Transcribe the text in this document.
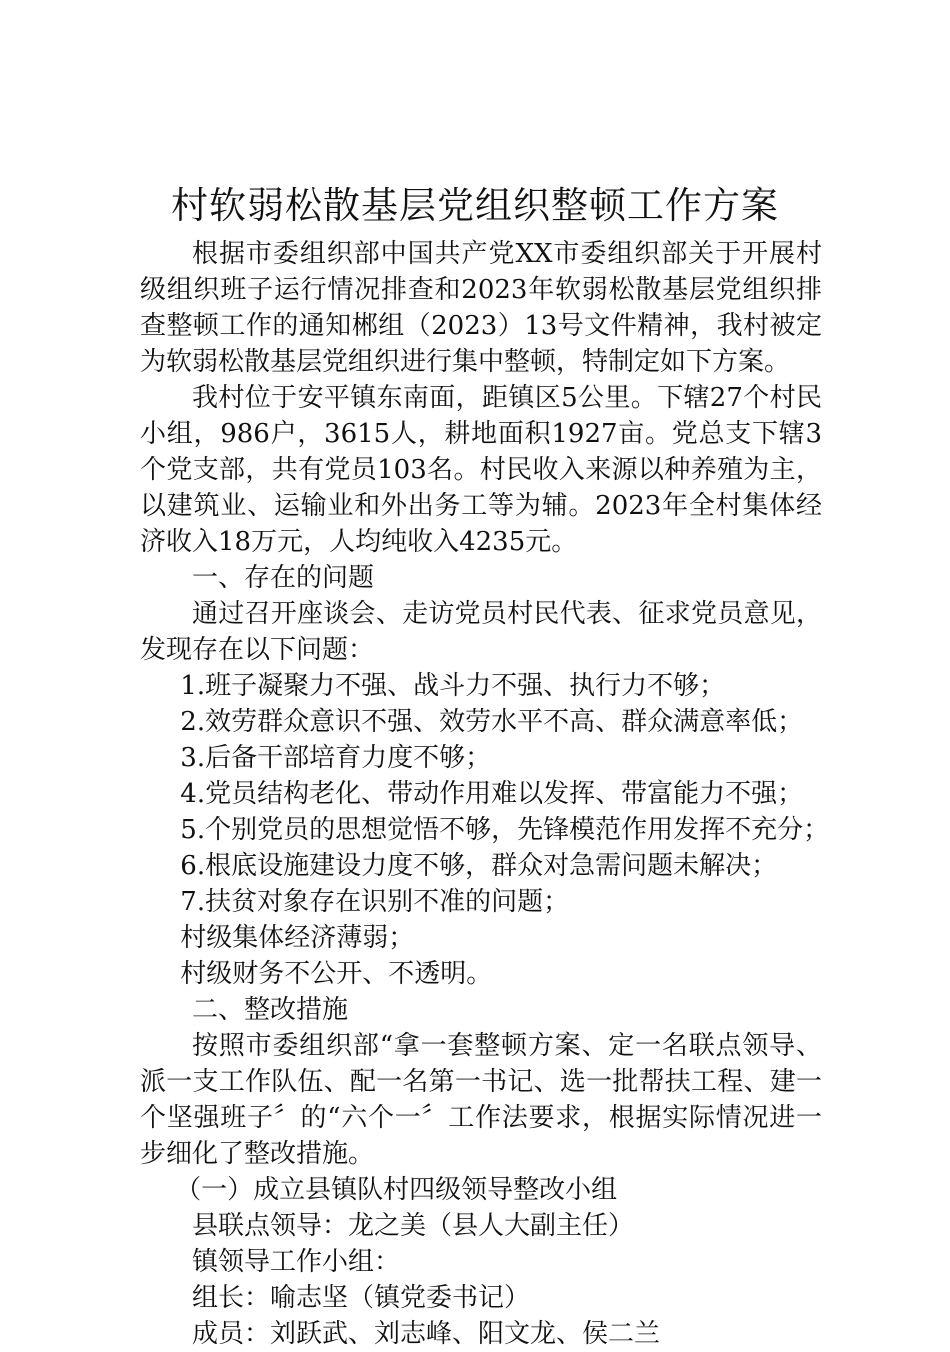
村软弱松散基层党组织整顿工作方案

根据市委组织部中国共产党XX市委组织部关于开展村级组织班子运行情况排查和2023年软弱松散基层党组织排查整顿工作的通知郴组（2023）13号文件精神，我村被定为软弱松散基层党组织进行集中整顿，特制定如下方案。

我村位于安平镇东南面，距镇区5公里。下辖27个村民小组，986户，3615人，耕地面积1927亩。党总支下辖3个党支部，共有党员103名。村民收入来源以种养殖为主，以建筑业、运输业和外出务工等为辅。2023年全村集体经济收入18万元，人均纯收入4235元。

一、存在的问题

通过召开座谈会、走访党员村民代表、征求党员意见，发现存在以下问题：

1.班子凝聚力不强、战斗力不强、执行力不够；

2.效劳群众意识不强、效劳水平不高、群众满意率低；

3.后备干部培育力度不够；

4.党员结构老化、带动作用难以发挥、带富能力不强；

5.个别党员的思想觉悟不够，先锋模范作用发挥不充分；

6.根底设施建设力度不够，群众对急需问题未解决；

7.扶贫对象存在识别不准的问题；

村级集体经济薄弱；

村级财务不公开、不透明。

二、整改措施

按照市委组织部“拿一套整顿方案、定一名联点领导、派一支工作队伍、配一名第一书记、选一批帮扶工程、建一个坚强班子〞的“六个一〞工作法要求，根据实际情况进一步细化了整改措施。

（一）成立县镇队村四级领导整改小组

县联点领导：龙之美（县人大副主任）

镇领导工作小组：

组长：喻志坚（镇党委书记）

成员：刘跃武、刘志峰、阳文龙、侯二兰
